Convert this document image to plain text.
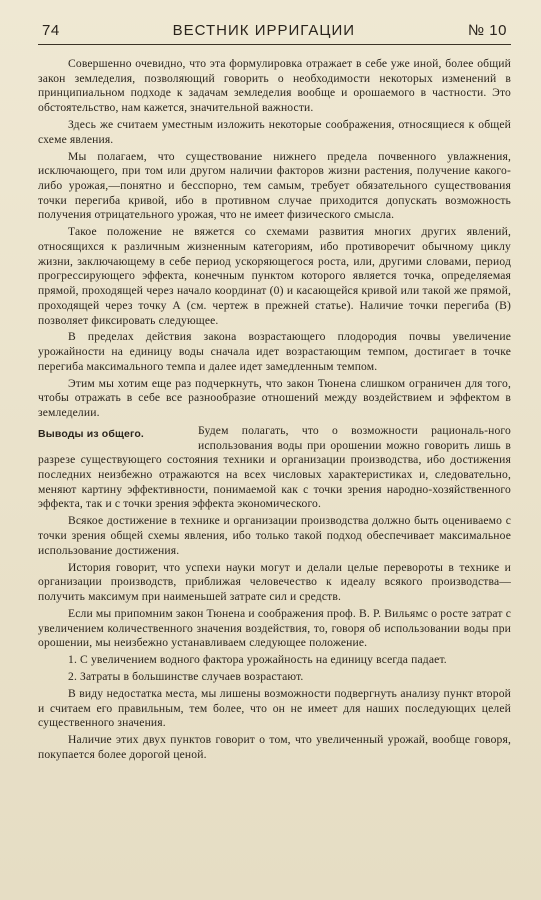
74	ВЕСТНИК ИРРИГАЦИИ	№ 10

Совершенно очевидно, что эта формулировка отражает в себе уже иной, более общий закон земледелия, позволяющий говорить о необходимости некоторых изменений в принципиальном подходе к задачам земледелия вообще и орошаемого в частности. Это обстоятельство, нам кажется, значительной важности.

Здесь же считаем уместным изложить некоторые соображения, относящиеся к общей схеме явления.

Мы полагаем, что существование нижнего предела почвенного увлажнения, исключающего, при том или другом наличии факторов жизни растения, получение какого-либо урожая,—понятно и бесспорно, тем самым, требует обязательного существования точки перегиба кривой, ибо в противном случае приходится допускать возможность получения отрицательного урожая, что не имеет физического смысла.

Такое положение не вяжется со схемами развития многих других явлений, относящихся к различным жизненным категориям, ибо противоречит обычному циклу жизни, заключающему в себе период ускоряющегося роста, или, другими словами, период прогрессирующего эффекта, конечным пунктом которого является точка, определяемая прямой, проходящей через начало координат (0) и касающейся кривой или такой же прямой, проходящей через точку А (см. чертеж в прежней статье). Наличие точки перегиба (В) позволяет фиксировать следующее.

В пределах действия закона возрастающего плодородия почвы увеличение урожайности на единицу воды сначала идет возрастающим темпом, достигает в точке перегиба максимального темпа и далее идет замедленным темпом.

Этим мы хотим еще раз подчеркнуть, что закон Тюнена слишком ограничен для того, чтобы отражать в себе все разнообразие отношений между воздействием и эффектом в земледелии.

Выводы из общего.	Будем полагать, что о возможности рациональ-ного использования воды при орошении можно говорить лишь в разрезе существующего состояния техники и организации производства, ибо достижения последних неизбежно отражаются на всех числовых характеристиках и, следовательно, меняют картину эффективности, понимаемой как с точки зрения народно-хозяйственного эффекта, так и с точки зрения эффекта экономического.

Всякое достижение в технике и организации производства должно быть оцениваемо с точки зрения общей схемы явления, ибо только такой подход обеспечивает максимальное использование достижения.

История говорит, что успехи науки могут и делали целые перевороты в технике и организации производств, приближая человечество к идеалу всякого производства—получить максимум при наименьшей затрате сил и средств.

Если мы припомним закон Тюнена и соображения проф. В. Р. Вильямс о росте затрат с увеличением количественного значения воздействия, то, говоря об использовании воды при орошении, мы неизбежно устанавливаем следующее положение.

1. С увеличением водного фактора урожайность на единицу всегда падает.

2. Затраты в большинстве случаев возрастают.

В виду недостатка места, мы лишены возможности подвергнуть анализу пункт второй и считаем его правильным, тем более, что он не имеет для наших последующих целей существенного значения.

Наличие этих двух пунктов говорит о том, что увеличенный урожай, вообще говоря, покупается более дорогой ценой.
